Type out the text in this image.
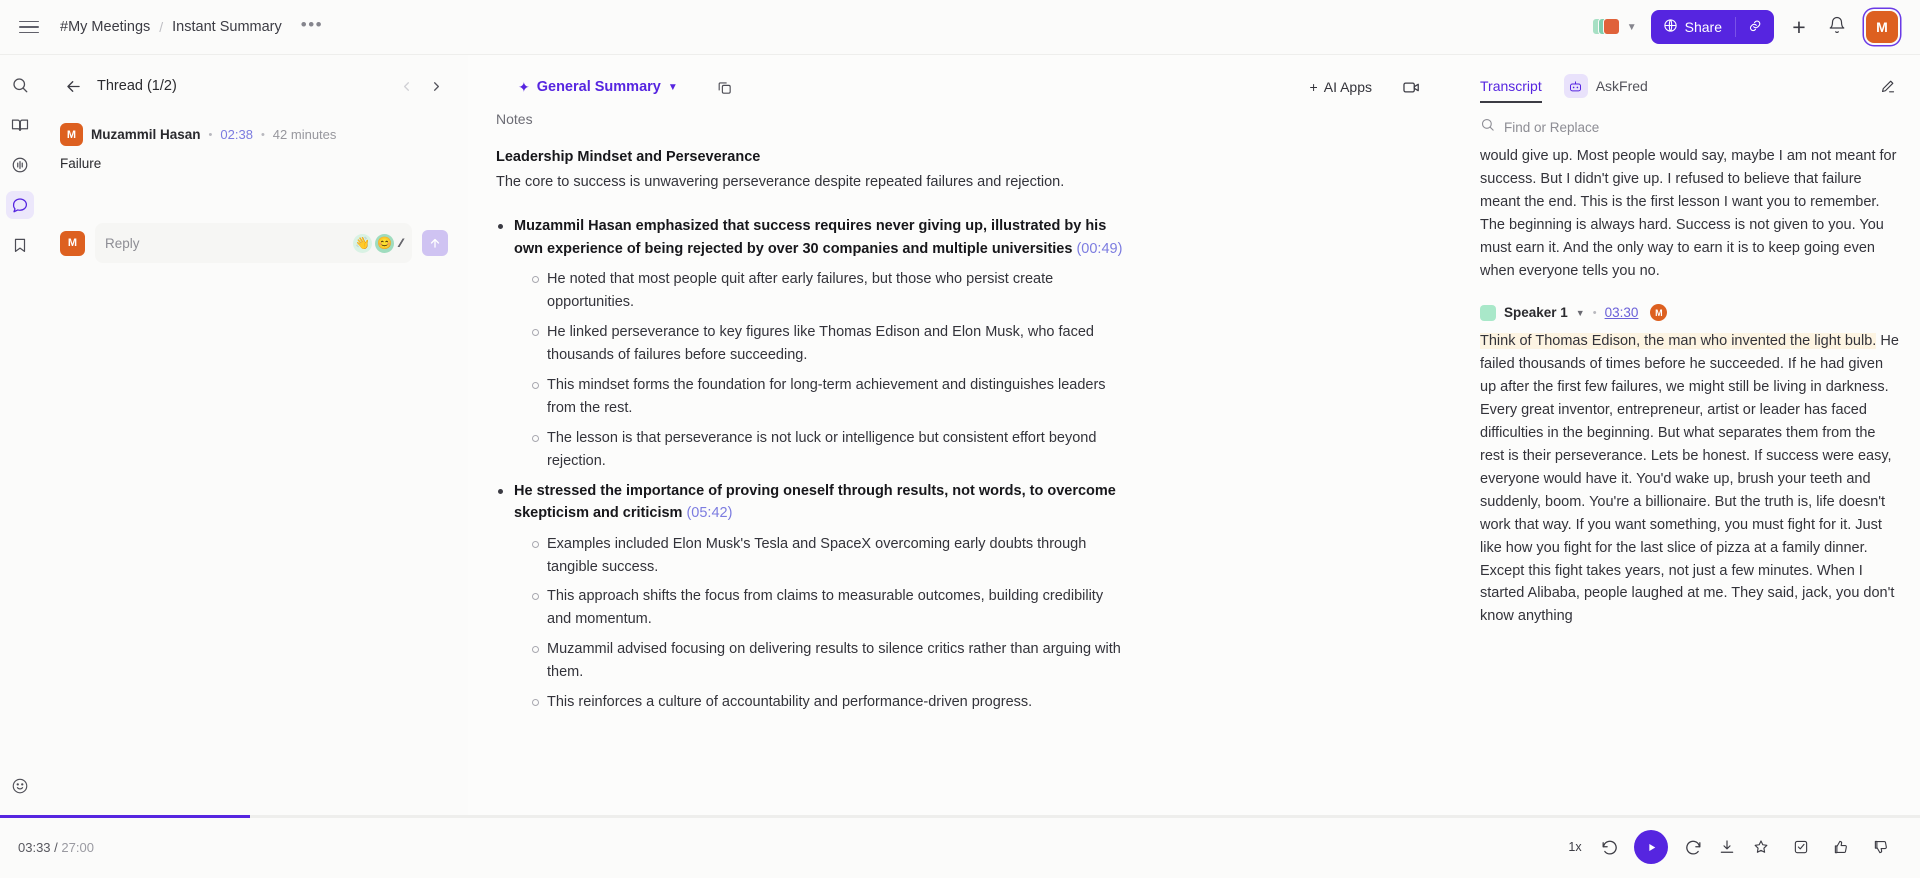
#My Meetings / Instant Summary •••	▼	Share	+	M
Thread (1/2)
M	Muzammil Hasan • 02:38 • 42 minutes
Failure
M	Reply	👋 😊 ⁄⁄
✦ General Summary ▼	+ AI Apps
Notes
Leadership Mindset and Perseverance
The core to success is unwavering perseverance despite repeated failures and rejection.
Muzammil Hasan emphasized that success requires never giving up, illustrated by his own experience of being rejected by over 30 companies and multiple universities (00:49)
He noted that most people quit after early failures, but those who persist create opportunities.
He linked perseverance to key figures like Thomas Edison and Elon Musk, who faced thousands of failures before succeeding.
This mindset forms the foundation for long-term achievement and distinguishes leaders from the rest.
The lesson is that perseverance is not luck or intelligence but consistent effort beyond rejection.
He stressed the importance of proving oneself through results, not words, to overcome skepticism and criticism (05:42)
Examples included Elon Musk's Tesla and SpaceX overcoming early doubts through tangible success.
This approach shifts the focus from claims to measurable outcomes, building credibility and momentum.
Muzammil advised focusing on delivering results to silence critics rather than arguing with them.
This reinforces a culture of accountability and performance-driven progress.
Transcript	AskFred
Find or Replace
would give up. Most people would say, maybe I am not meant for success. But I didn't give up. I refused to believe that failure meant the end. This is the first lesson I want you to remember. The beginning is always hard. Success is not given to you. You must earn it. And the only way to earn it is to keep going even when everyone tells you no.
Speaker 1 ▼ • 03:30	M
Think of Thomas Edison, the man who invented the light bulb. He failed thousands of times before he succeeded. If he had given up after the first few failures, we might still be living in darkness. Every great inventor, entrepreneur, artist or leader has faced difficulties in the beginning. But what separates them from the rest is their perseverance. Lets be honest. If success were easy, everyone would have it. You'd wake up, brush your teeth and suddenly, boom. You're a billionaire. But the truth is, life doesn't work that way. If you want something, you must fight for it. Just like how you fight for the last slice of pizza at a family dinner. Except this fight takes years, not just a few minutes. When I started Alibaba, people laughed at me. They said, jack, you don't know anything
03:33 / 27:00	1x
